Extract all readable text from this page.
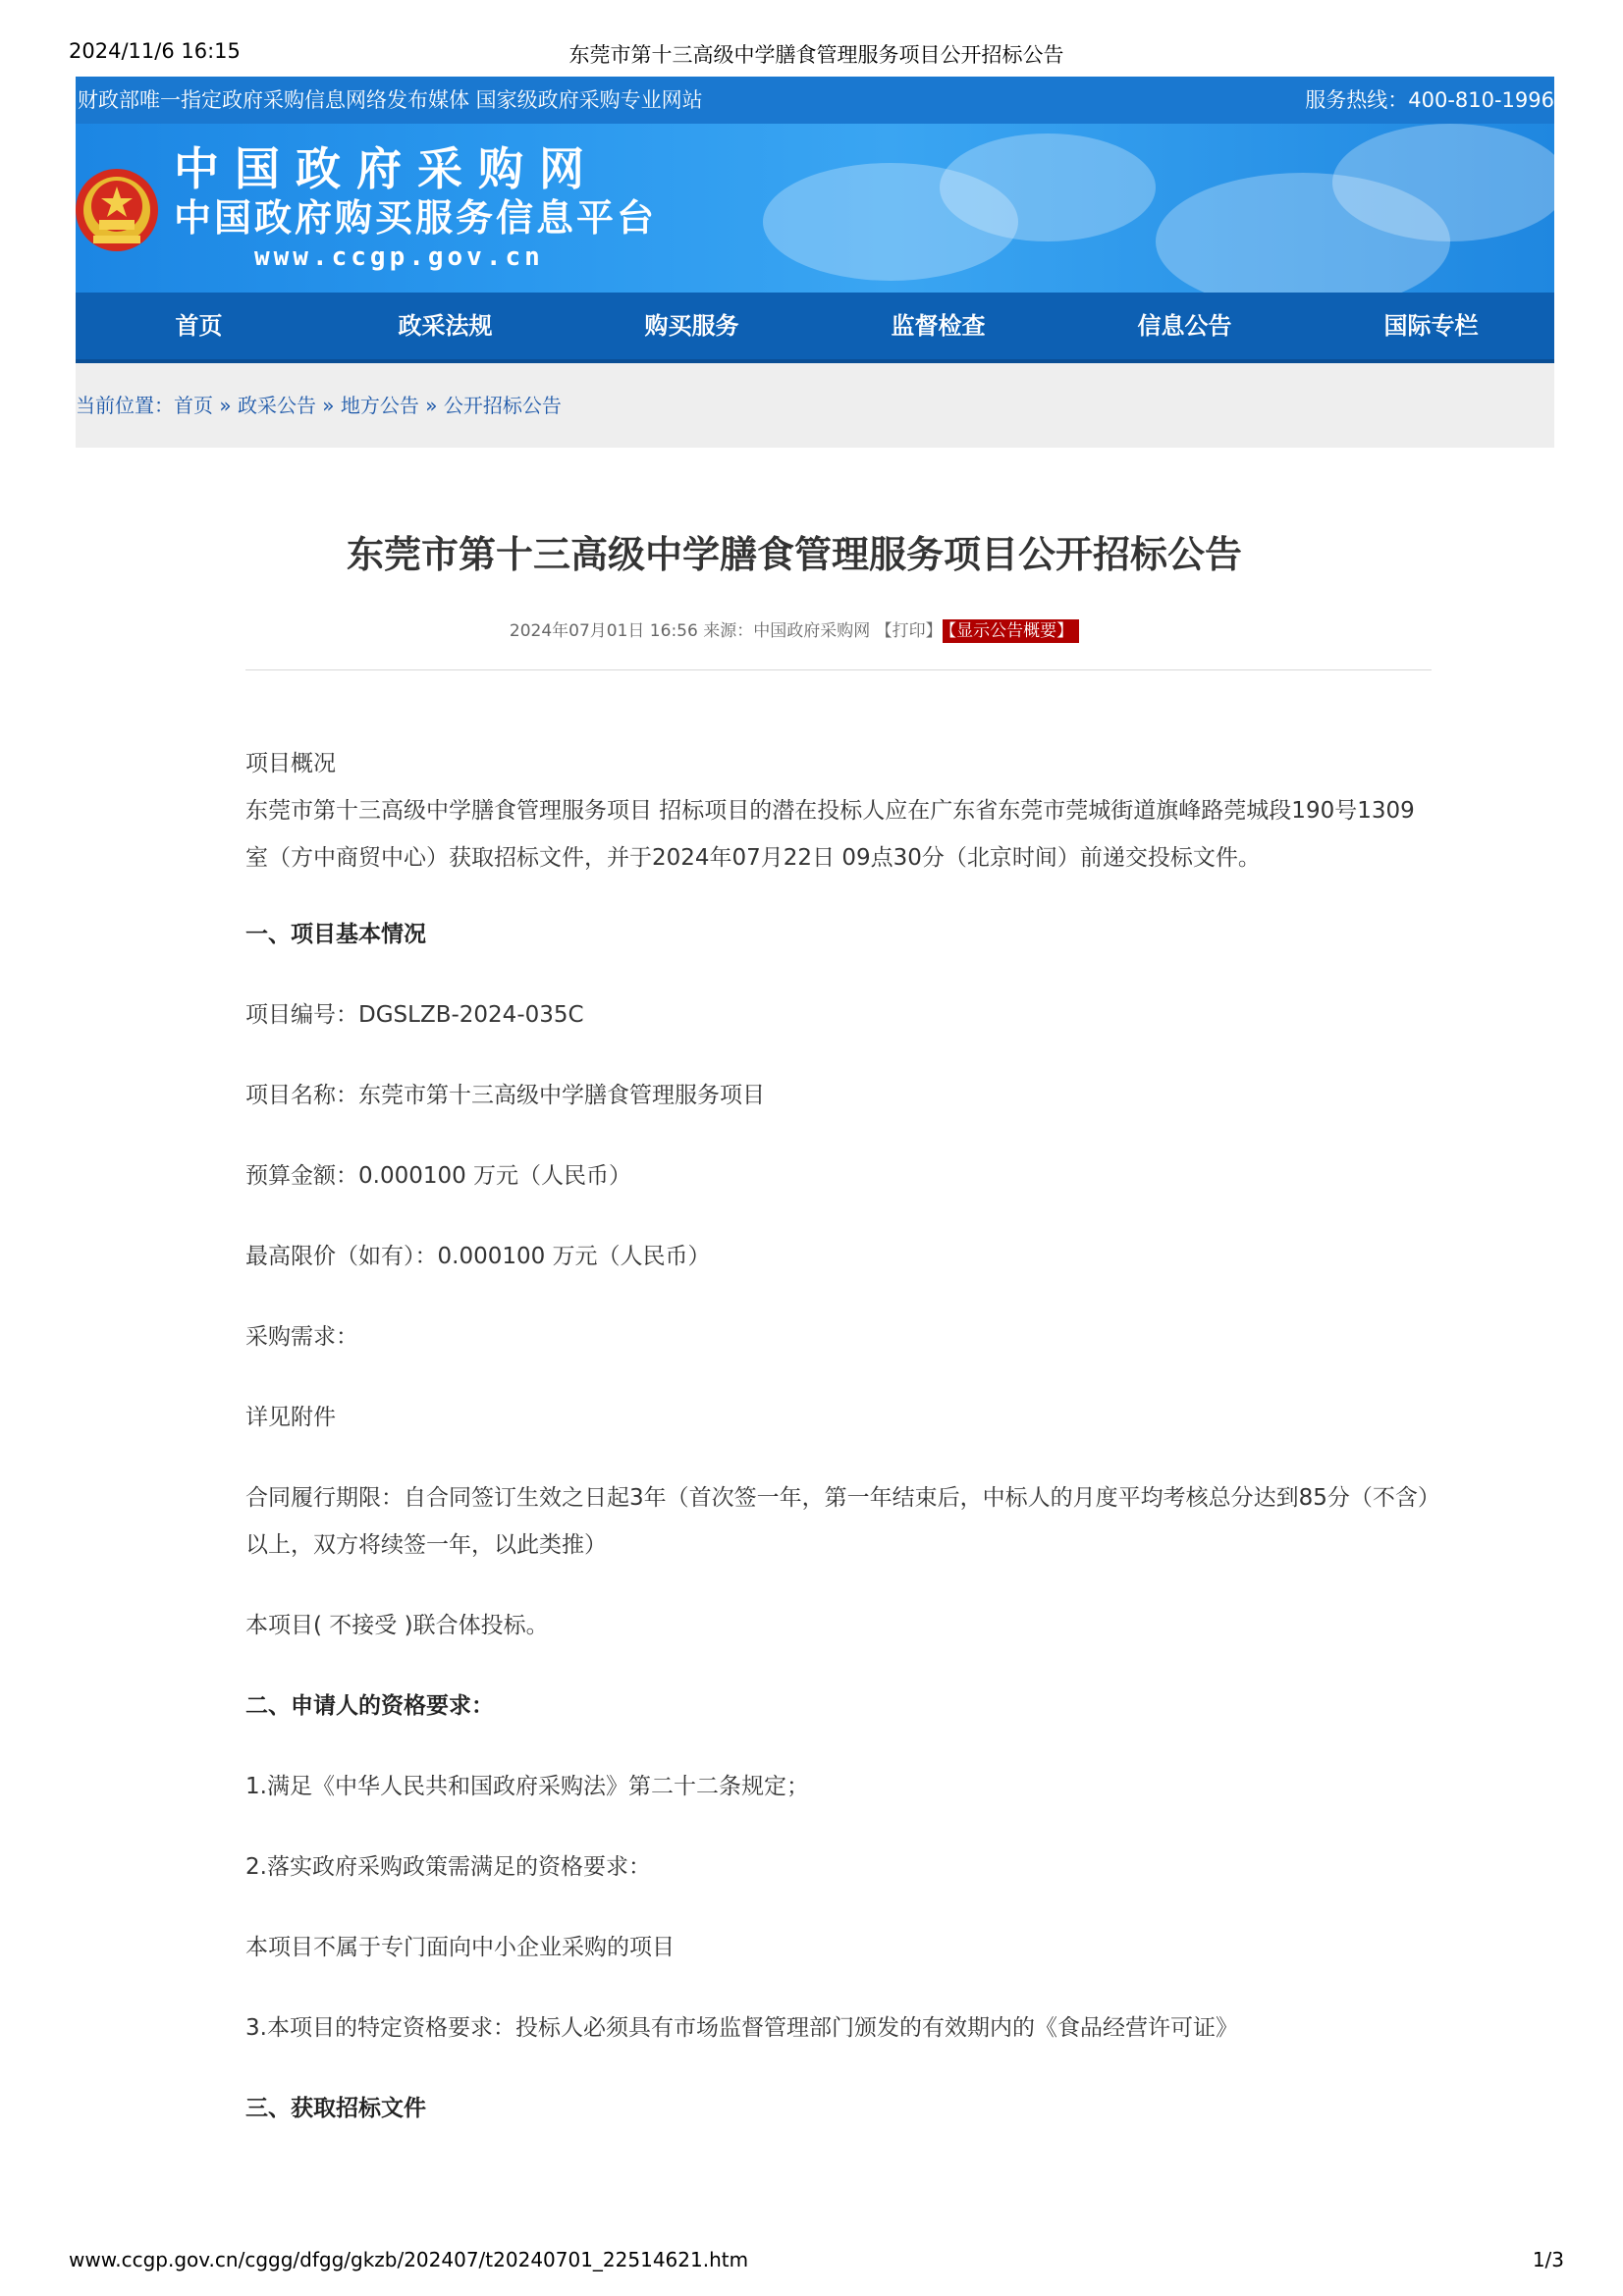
2024/11/6 16:15	东莞市第十三高级中学膳食管理服务项目公开招标公告
财政部唯一指定政府采购信息网络发布媒体 国家级政府采购专业网站	服务热线：400-810-1996
中国政府采购网
中国政府购买服务信息平台
www.ccgp.gov.cn
首页	政采法规	购买服务	监督检查	信息公告	国际专栏
当前位置：首页 » 政采公告 » 地方公告 » 公开招标公告
东莞市第十三高级中学膳食管理服务项目公开招标公告
2024年07月01日 16:56 来源：中国政府采购网 【打印】 【显示公告概要】

项目概况

东莞市第十三高级中学膳食管理服务项目 招标项目的潜在投标人应在广东省东莞市莞城街道旗峰路莞城段190号1309室（方中商贸中心）获取招标文件，并于2024年07月22日 09点30分（北京时间）前递交投标文件。

一、项目基本情况

项目编号：DGSLZB-2024-035C

项目名称：东莞市第十三高级中学膳食管理服务项目

预算金额：0.000100 万元（人民币）

最高限价（如有）：0.000100 万元（人民币）

采购需求：

详见附件

合同履行期限：自合同签订生效之日起3年（首次签一年，第一年结束后，中标人的月度平均考核总分达到85分（不含）以上，双方将续签一年，以此类推）

本项目( 不接受 )联合体投标。

二、申请人的资格要求：

1.满足《中华人民共和国政府采购法》第二十二条规定；

2.落实政府采购政策需满足的资格要求：

本项目不属于专门面向中小企业采购的项目

3.本项目的特定资格要求：投标人必须具有市场监督管理部门颁发的有效期内的《食品经营许可证》

三、获取招标文件

www.ccgp.gov.cn/cggg/dfgg/gkzb/202407/t20240701_22514621.htm	1/3
